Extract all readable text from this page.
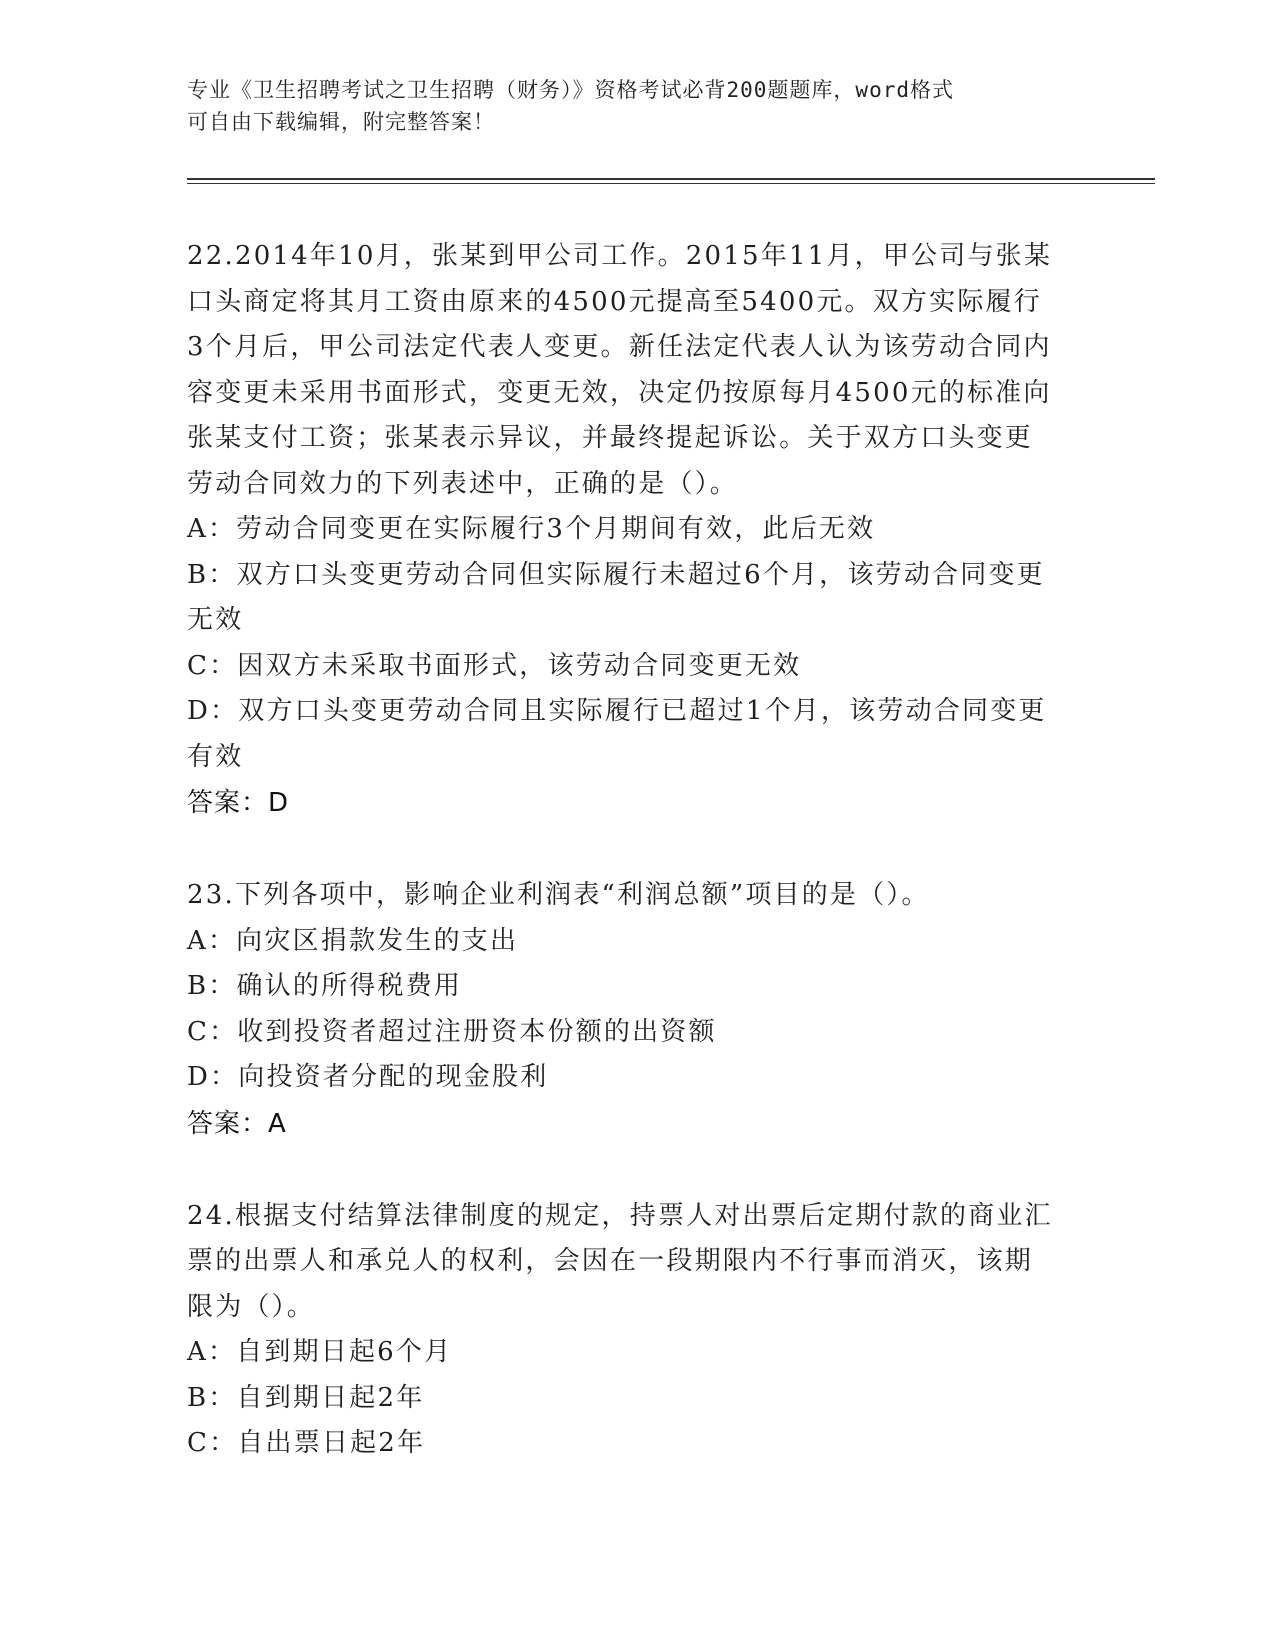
专业《卫生招聘考试之卫生招聘（财务）》资格考试必背200题题库，word格式
可自由下载编辑，附完整答案！
22.2014年10月，张某到甲公司工作。2015年11月，甲公司与张某
口头商定将其月工资由原来的4500元提高至5400元。双方实际履行
3个月后，甲公司法定代表人变更。新任法定代表人认为该劳动合同内
容变更未采用书面形式，变更无效，决定仍按原每月4500元的标准向
张某支付工资；张某表示异议，并最终提起诉讼。关于双方口头变更
劳动合同效力的下列表述中，正确的是（）。
A：劳动合同变更在实际履行3个月期间有效，此后无效
B：双方口头变更劳动合同但实际履行未超过6个月，该劳动合同变更
无效
C：因双方未采取书面形式，该劳动合同变更无效
D：双方口头变更劳动合同且实际履行已超过1个月，该劳动合同变更
有效
答案：D
23.下列各项中，影响企业利润表“利润总额”项目的是（）。
A：向灾区捐款发生的支出
B：确认的所得税费用
C：收到投资者超过注册资本份额的出资额
D：向投资者分配的现金股利
答案：A
24.根据支付结算法律制度的规定，持票人对出票后定期付款的商业汇
票的出票人和承兑人的权利，会因在一段期限内不行事而消灭，该期
限为（）。
A：自到期日起6个月
B：自到期日起2年
C：自出票日起2年
